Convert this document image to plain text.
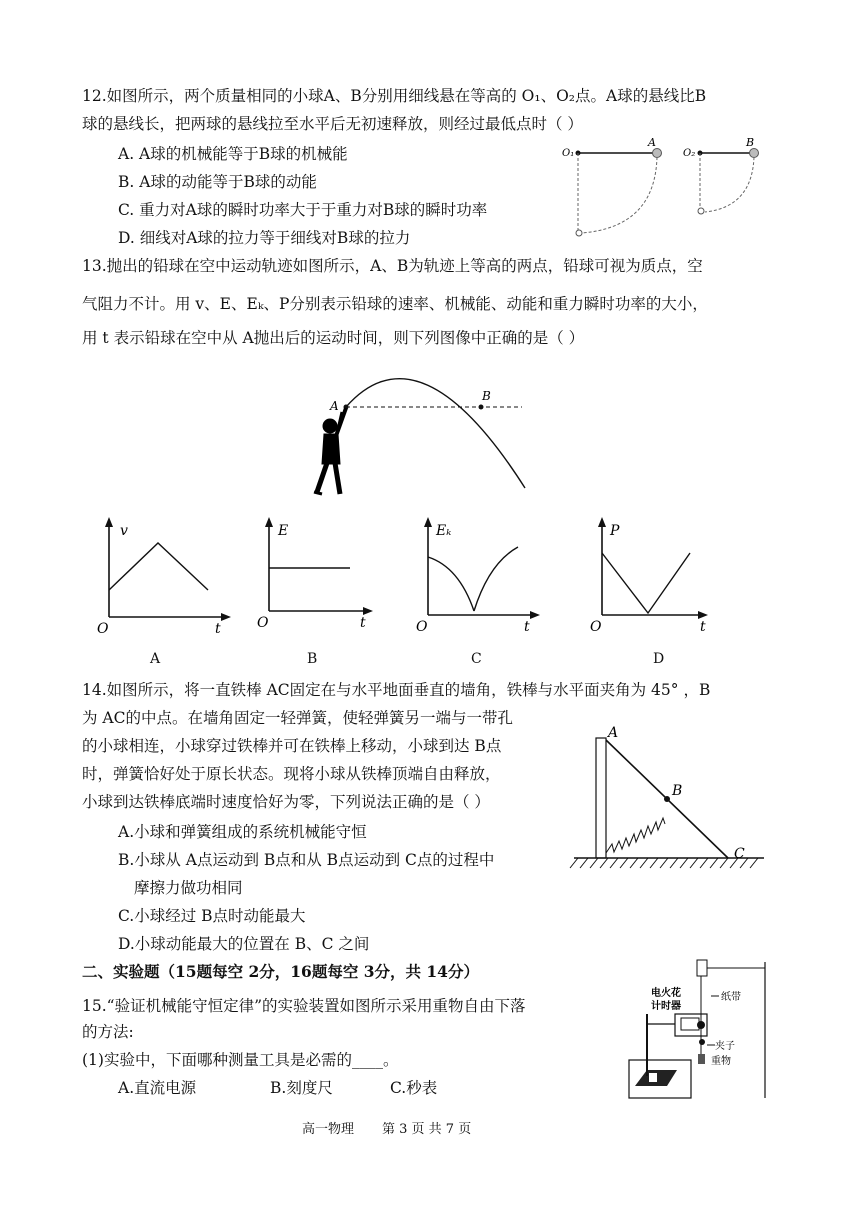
12.如图所示，两个质量相同的小球A、B分别用细线悬在等高的 O₁、O₂点。A球的悬线比B
球的悬线长，把两球的悬线拉至水平后无初速释放，则经过最低点时（ ）
A. A球的机械能等于B球的机械能
B. A球的动能等于B球的动能
C. 重力对A球的瞬时功率大于于重力对B球的瞬时功率
D. 细线对A球的拉力等于细线对B球的拉力
O₁
A
O₂
B
13.抛出的铅球在空中运动轨迹如图所示，A、B为轨迹上等高的两点，铅球可视为质点，空
气阻力不计。用 v、E、Eₖ、P分别表示铅球的速率、机械能、动能和重力瞬时功率的大小，
用 t 表示铅球在空中从 A抛出后的运动时间，则下列图像中正确的是（ ）
A
B
v
O	t
E
O	t
Eₖ
O	t
P
O	t
A	B	C	D
14.如图所示，将一直铁棒 AC固定在与水平地面垂直的墙角，铁棒与水平面夹角为 45° ，B
为 AC的中点。在墙角固定一轻弹簧，使轻弹簧另一端与一带孔
的小球相连，小球穿过铁棒并可在铁棒上移动，小球到达 B点
时，弹簧恰好处于原长状态。现将小球从铁棒顶端自由释放，
小球到达铁棒底端时速度恰好为零，下列说法正确的是（ ）
A.小球和弹簧组成的系统机械能守恒
B.小球从 A点运动到 B点和从 B点运动到 C点的过程中
摩擦力做功相同
C.小球经过 B点时动能最大
D.小球动能最大的位置在 B、C 之间
A
B
C
二、实验题（15题每空 2分，16题每空 3分，共 14分）
15.“验证机械能守恒定律”的实验装置如图所示采用重物自由下落
的方法:
(1)实验中，下面哪种测量工具是必需的____。
A.直流电源	B.刻度尺	C.秒表
电火花
计时器
纸带
夹子
重物
高一物理 第 3 页 共 7 页
